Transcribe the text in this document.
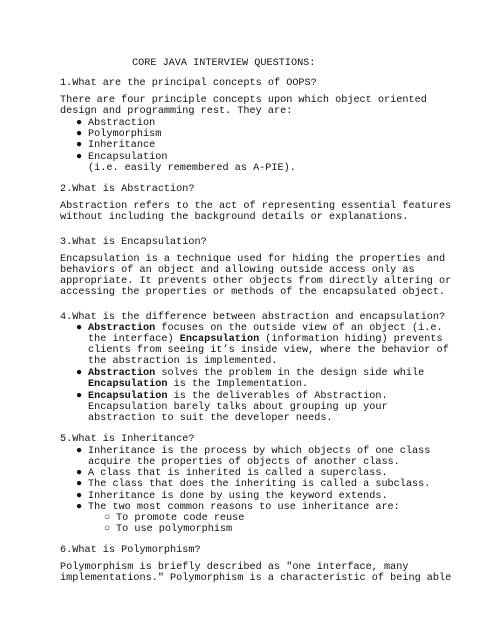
CORE JAVA INTERVIEW QUESTIONS:
1.What are the principal concepts of OOPS?
There are four principle concepts upon which object oriented
design and programming rest. They are:
● Abstraction
● Polymorphism
● Inheritance
● Encapsulation
(i.e. easily remembered as A-PIE).
2.What is Abstraction?
Abstraction refers to the act of representing essential features
without including the background details or explanations.
3.What is Encapsulation?
Encapsulation is a technique used for hiding the properties and
behaviors of an object and allowing outside access only as
appropriate. It prevents other objects from directly altering or
accessing the properties or methods of the encapsulated object.
4.What is the difference between abstraction and encapsulation?
● Abstraction focuses on the outside view of an object (i.e.
the interface) Encapsulation (information hiding) prevents
clients from seeing it’s inside view, where the behavior of
the abstraction is implemented.
● Abstraction solves the problem in the design side while
Encapsulation is the Implementation.
● Encapsulation is the deliverables of Abstraction.
Encapsulation barely talks about grouping up your
abstraction to suit the developer needs.
5.What is Inheritance?
● Inheritance is the process by which objects of one class
acquire the properties of objects of another class.
● A class that is inherited is called a superclass.
● The class that does the inheriting is called a subclass.
● Inheritance is done by using the keyword extends.
● The two most common reasons to use inheritance are:
○ To promote code reuse
○ To use polymorphism
6.What is Polymorphism?
Polymorphism is briefly described as "one interface, many
implementations." Polymorphism is a characteristic of being able
